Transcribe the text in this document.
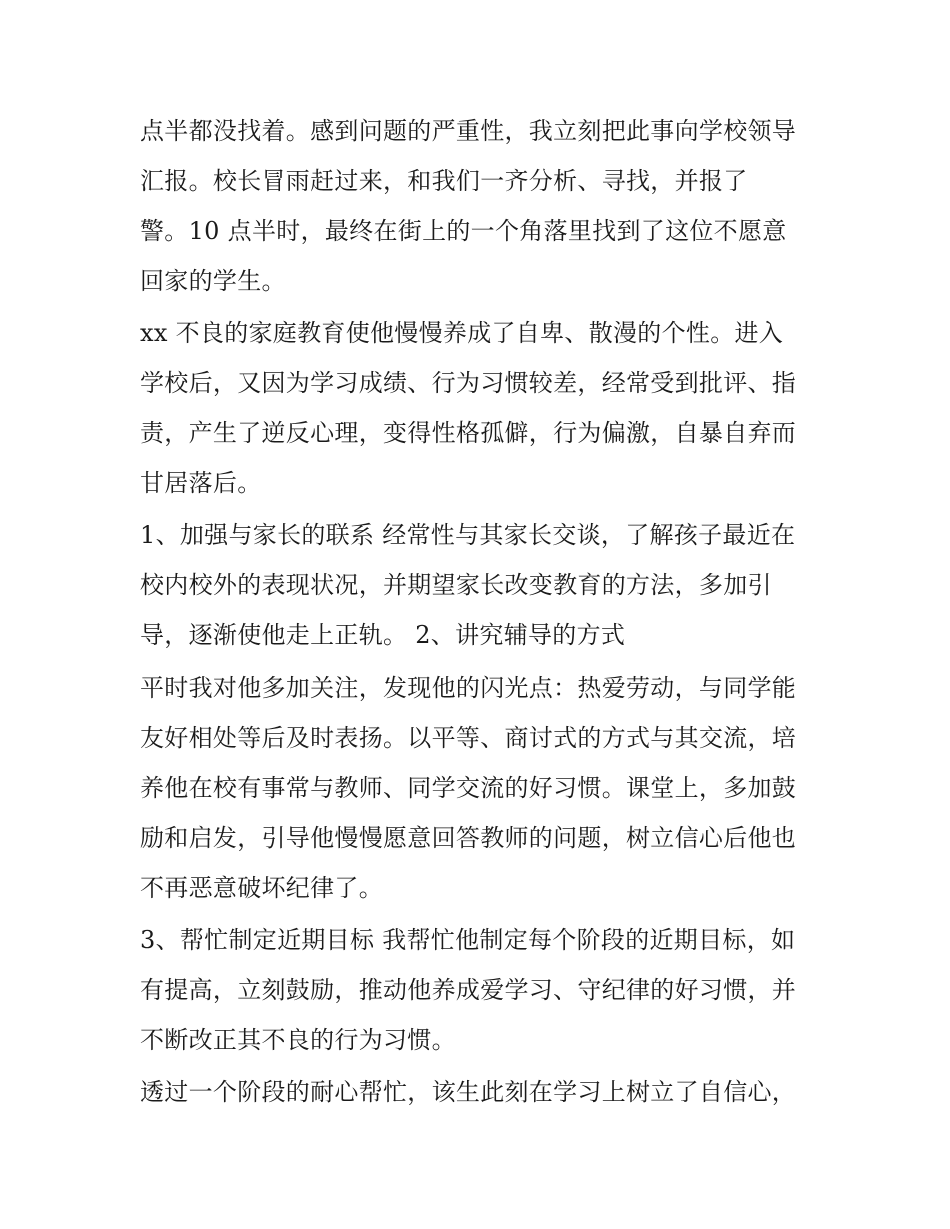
点半都没找着。感到问题的严重性，我立刻把此事向学校领导
汇报。校长冒雨赶过来，和我们一齐分析、寻找，并报了
警。10 点半时，最终在街上的一个角落里找到了这位不愿意
回家的学生。
xx 不良的家庭教育使他慢慢养成了自卑、散漫的个性。进入
学校后，又因为学习成绩、行为习惯较差，经常受到批评、指
责，产生了逆反心理，变得性格孤僻，行为偏激，自暴自弃而
甘居落后。
1、加强与家长的联系 经常性与其家长交谈，了解孩子最近在
校内校外的表现状况，并期望家长改变教育的方法，多加引
导，逐渐使他走上正轨。 2、讲究辅导的方式
平时我对他多加关注，发现他的闪光点：热爱劳动，与同学能
友好相处等后及时表扬。以平等、商讨式的方式与其交流，培
养他在校有事常与教师、同学交流的好习惯。课堂上，多加鼓
励和启发，引导他慢慢愿意回答教师的问题，树立信心后他也
不再恶意破坏纪律了。
3、帮忙制定近期目标 我帮忙他制定每个阶段的近期目标，如
有提高，立刻鼓励，推动他养成爱学习、守纪律的好习惯，并
不断改正其不良的行为习惯。
透过一个阶段的耐心帮忙，该生此刻在学习上树立了自信心，
